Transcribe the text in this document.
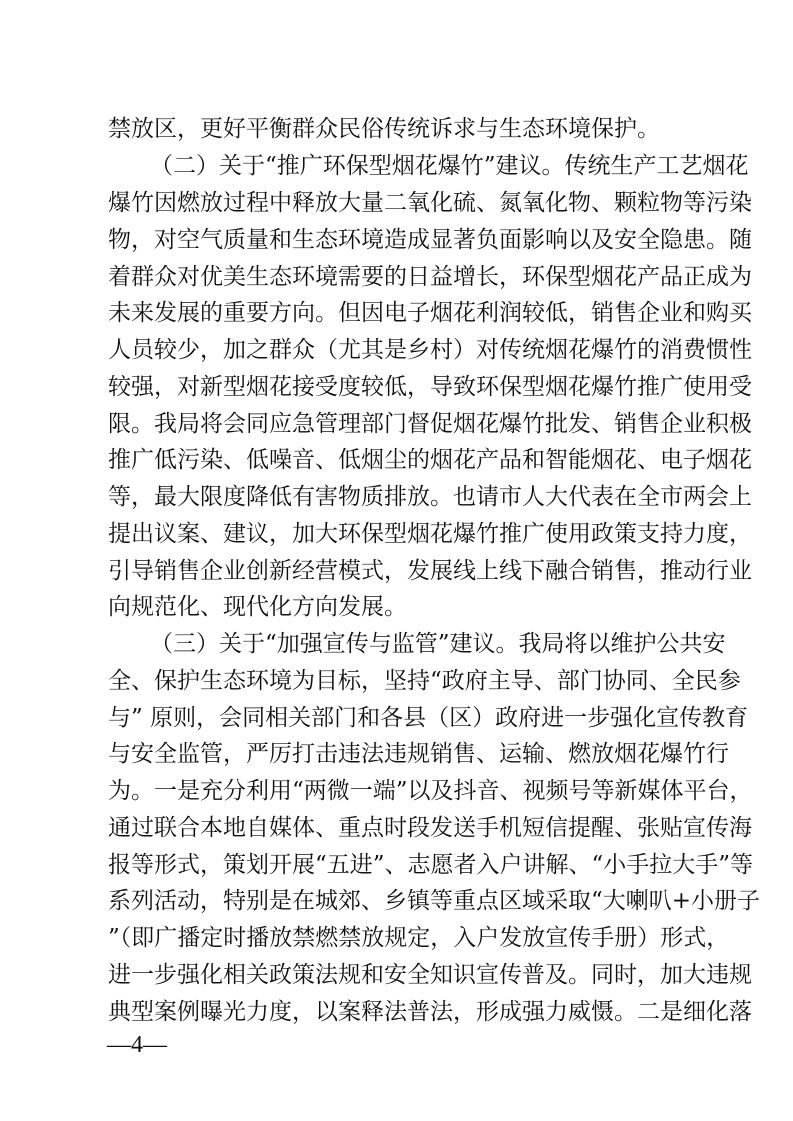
禁放区，更好平衡群众民俗传统诉求与生态环境保护。
（二）关于“推广环保型烟花爆竹”建议。传统生产工艺烟花
爆竹因燃放过程中释放大量二氧化硫、氮氧化物、颗粒物等污染
物，对空气质量和生态环境造成显著负面影响以及安全隐患。随
着群众对优美生态环境需要的日益增长，环保型烟花产品正成为
未来发展的重要方向。但因电子烟花利润较低，销售企业和购买
人员较少，加之群众（尤其是乡村）对传统烟花爆竹的消费惯性
较强，对新型烟花接受度较低，导致环保型烟花爆竹推广使用受
限。我局将会同应急管理部门督促烟花爆竹批发、销售企业积极
推广低污染、低噪音、低烟尘的烟花产品和智能烟花、电子烟花
等，最大限度降低有害物质排放。也请市人大代表在全市两会上
提出议案、建议，加大环保型烟花爆竹推广使用政策支持力度，
引导销售企业创新经营模式，发展线上线下融合销售，推动行业
向规范化、现代化方向发展。
（三）关于“加强宣传与监管”建议。我局将以维护公共安
全、保护生态环境为目标，坚持“政府主导、部门协同、全民参
与” 原则，会同相关部门和各县（区）政府进一步强化宣传教育
与安全监管，严厉打击违法违规销售、运输、燃放烟花爆竹行
为。一是充分利用“两微一端”以及抖音、视频号等新媒体平台，
通过联合本地自媒体、重点时段发送手机短信提醒、张贴宣传海
报等形式，策划开展“五进”、志愿者入户讲解、“小手拉大手”等
系列活动，特别是在城郊、乡镇等重点区域采取“大喇叭+小册子
”（即广播定时播放禁燃禁放规定，入户发放宣传手册）形式，
进一步强化相关政策法规和安全知识宣传普及。同时，加大违规
典型案例曝光力度，以案释法普法，形成强力威慑。二是细化落
—4—
